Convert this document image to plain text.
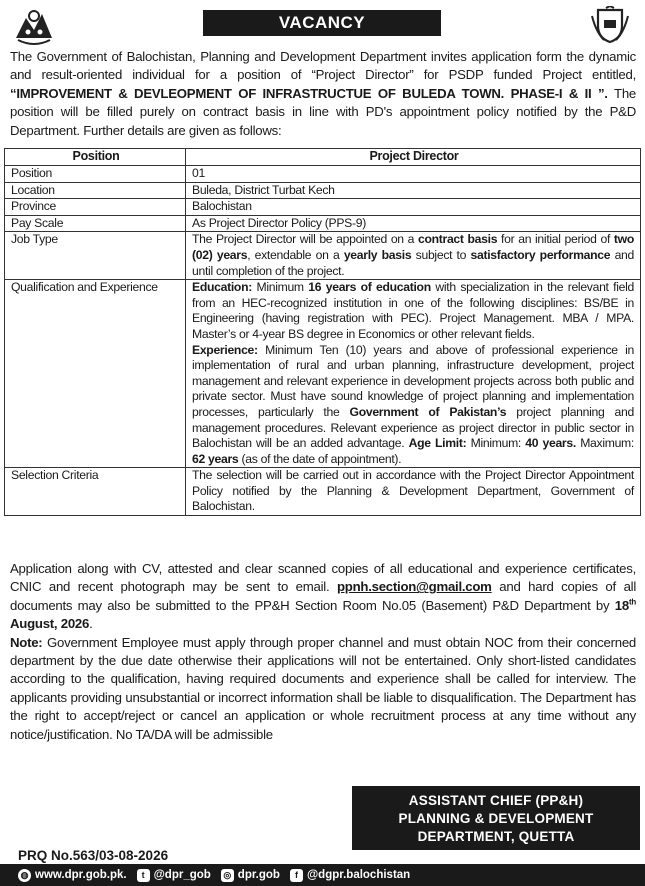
VACANCY
The Government of Balochistan, Planning and Development Department invites application form the dynamic and result-oriented individual for a position of “Project Director” for PSDP funded Project entitled, “IMPROVEMENT & DEVLEOPMENT OF INFRASTRUCTUE OF BULEDA TOWN. PHASE-I & II ”. The position will be filled purely on contract basis in line with PD's appointment policy notified by the P&D Department. Further details are given as follows:
Position	Project Director
Position	01
Location	Buleda, District Turbat Kech
Province	Balochistan
Pay Scale	As Project Director Policy (PPS-9)
Job Type	The Project Director will be appointed on a contract basis for an initial period of two (02) years, extendable on a yearly basis subject to satisfactory performance and until completion of the project.
Qualification and Experience	Education: Minimum 16 years of education with specialization in the relevant field from an HEC-recognized institution in one of the following disciplines: BS/BE in Engineering (having registration with PEC). Project Management. MBA / MPA. Master’s or 4-year BS degree in Economics or other relevant fields.
Experience: Minimum Ten (10) years and above of professional experience in implementation of rural and urban planning, infrastructure development, project management and relevant experience in development projects across both public and private sector. Must have sound knowledge of project planning and implementation processes, particularly the Government of Pakistan’s project planning and management procedures. Relevant experience as project director in public sector in Balochistan will be an added advantage. Age Limit: Minimum: 40 years. Maximum: 62 years (as of the date of appointment).
Selection Criteria	The selection will be carried out in accordance with the Project Director Appointment Policy notified by the Planning & Development Department, Government of Balochistan.

Application along with CV, attested and clear scanned copies of all educational and experience certificates, CNIC and recent photograph may be sent to email. ppnh.section@gmail.com and hard copies of all documents may also be submitted to the PP&H Section Room No.05 (Basement) P&D Department by 18th August, 2026.

Note: Government Employee must apply through proper channel and must obtain NOC from their concerned department by the due date otherwise their applications will not be entertained. Only short-listed candidates according to the qualification, having required documents and experience shall be called for interview. The applicants providing unsubstantial or incorrect information shall be liable to disqualification. The Department has the right to accept/reject or cancel an application or whole recruitment process at any time without any notice/justification. No TA/DA will be admissible

ASSISTANT CHIEF (PP&H)
PLANNING & DEVELOPMENT
DEPARTMENT, QUETTA
PRQ No.563/03-08-2026
◍ www.dpr.gob.pk.	t @dpr_gob ◎ dpr.gob	f @dgpr.balochistan
